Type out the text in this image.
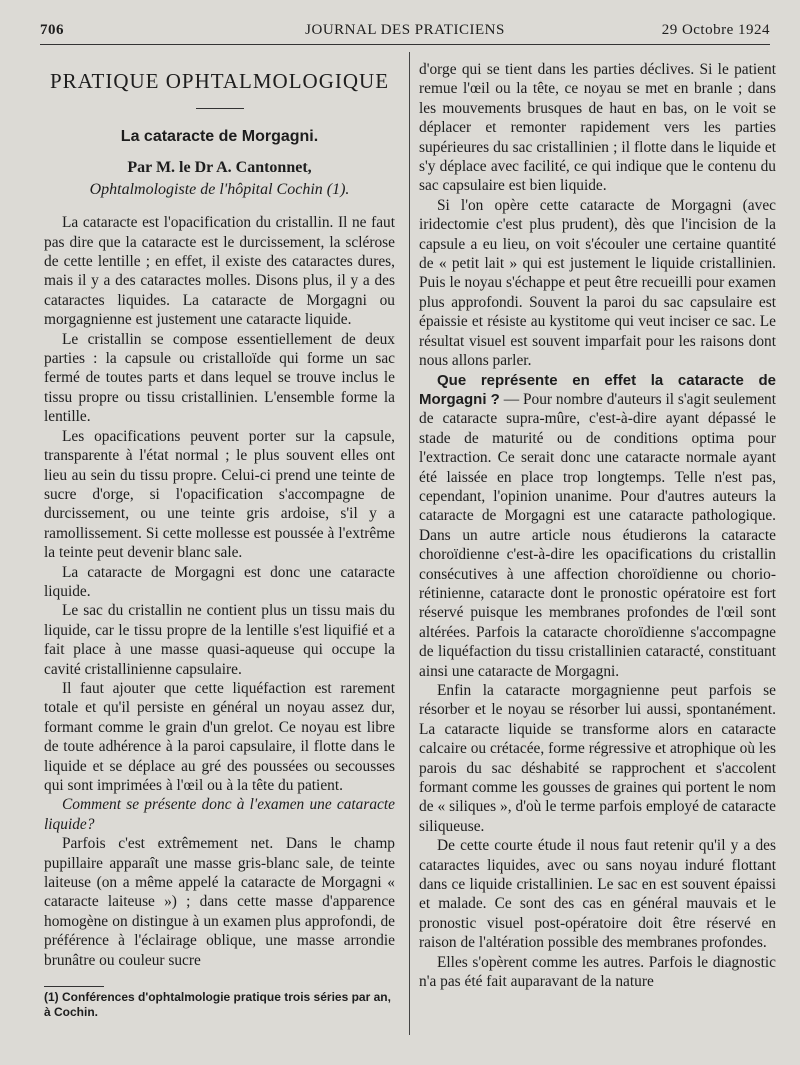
706	JOURNAL DES PRATICIENS	29 Octobre 1924
PRATIQUE OPHTALMOLOGIQUE
La cataracte de Morgagni.
Par M. le Dr A. Cantonnet,
Ophtalmologiste de l'hôpital Cochin (1).

La cataracte est l'opacification du cristallin. Il ne faut pas dire que la cataracte est le durcissement, la sclérose de cette lentille ; en effet, il existe des cataractes dures, mais il y a des cataractes molles. Disons plus, il y a des cataractes liquides. La cataracte de Morgagni ou morgagnienne est justement une cataracte liquide.

Le cristallin se compose essentiellement de deux parties : la capsule ou cristalloïde qui forme un sac fermé de toutes parts et dans lequel se trouve inclus le tissu propre ou tissu cristallinien. L'ensemble forme la lentille.

Les opacifications peuvent porter sur la capsule, transparente à l'état normal ; le plus souvent elles ont lieu au sein du tissu propre. Celui-ci prend une teinte de sucre d'orge, si l'opacification s'accompagne de durcissement, ou une teinte gris ardoise, s'il y a ramollissement. Si cette mollesse est poussée à l'extrême la teinte peut devenir blanc sale.

La cataracte de Morgagni est donc une cataracte liquide.

Le sac du cristallin ne contient plus un tissu mais du liquide, car le tissu propre de la lentille s'est liquifié et a fait place à une masse quasi-aqueuse qui occupe la cavité cristallinienne capsulaire.

Il faut ajouter que cette liquéfaction est rarement totale et qu'il persiste en général un noyau assez dur, formant comme le grain d'un grelot. Ce noyau est libre de toute adhérence à la paroi capsulaire, il flotte dans le liquide et se déplace au gré des poussées ou secousses qui sont imprimées à l'œil ou à la tête du patient.

Comment se présente donc à l'examen une cataracte liquide?

Parfois c'est extrêmement net. Dans le champ pupillaire apparaît une masse gris-blanc sale, de teinte laiteuse (on a même appelé la cataracte de Morgagni « cataracte laiteuse ») ; dans cette masse d'apparence homogène on distingue à un examen plus approfondi, de préférence à l'éclairage oblique, une masse arrondie brunâtre ou couleur sucre

(1) Conférences d'ophtalmologie pratique trois séries par an, à Cochin.

d'orge qui se tient dans les parties déclives. Si le patient remue l'œil ou la tête, ce noyau se met en branle ; dans les mouvements brusques de haut en bas, on le voit se déplacer et remonter rapidement vers les parties supérieures du sac cristallinien ; il flotte dans le liquide et s'y déplace avec facilité, ce qui indique que le contenu du sac capsulaire est bien liquide.

Si l'on opère cette cataracte de Morgagni (avec iridectomie c'est plus prudent), dès que l'incision de la capsule a eu lieu, on voit s'écouler une certaine quantité de « petit lait » qui est justement le liquide cristallinien. Puis le noyau s'échappe et peut être recueilli pour examen plus approfondi. Souvent la paroi du sac capsulaire est épaissie et résiste au kystitome qui veut inciser ce sac. Le résultat visuel est souvent imparfait pour les raisons dont nous allons parler.

Que représente en effet la cataracte de Morgagni ? — Pour nombre d'auteurs il s'agit seulement de cataracte supra-mûre, c'est-à-dire ayant dépassé le stade de maturité ou de conditions optima pour l'extraction. Ce serait donc une cataracte normale ayant été laissée en place trop longtemps. Telle n'est pas, cependant, l'opinion unanime. Pour d'autres auteurs la cataracte de Morgagni est une cataracte pathologique. Dans un autre article nous étudierons la cataracte choroïdienne c'est-à-dire les opacifications du cristallin consécutives à une affection choroïdienne ou chorio-rétinienne, cataracte dont le pronostic opératoire est fort réservé puisque les membranes profondes de l'œil sont altérées. Parfois la cataracte choroïdienne s'accompagne de liquéfaction du tissu cristallinien cataracté, constituant ainsi une cataracte de Morgagni.

Enfin la cataracte morgagnienne peut parfois se résorber et le noyau se résorber lui aussi, spontanément. La cataracte liquide se transforme alors en cataracte calcaire ou crétacée, forme régressive et atrophique où les parois du sac déshabité se rapprochent et s'accolent formant comme les gousses de graines qui portent le nom de « siliques », d'où le terme parfois employé de cataracte siliqueuse.

De cette courte étude il nous faut retenir qu'il y a des cataractes liquides, avec ou sans noyau induré flottant dans ce liquide cristallinien. Le sac en est souvent épaissi et malade. Ce sont des cas en général mauvais et le pronostic visuel post-opératoire doit être réservé en raison de l'altération possible des membranes profondes.

Elles s'opèrent comme les autres. Parfois le diagnostic n'a pas été fait auparavant de la nature
